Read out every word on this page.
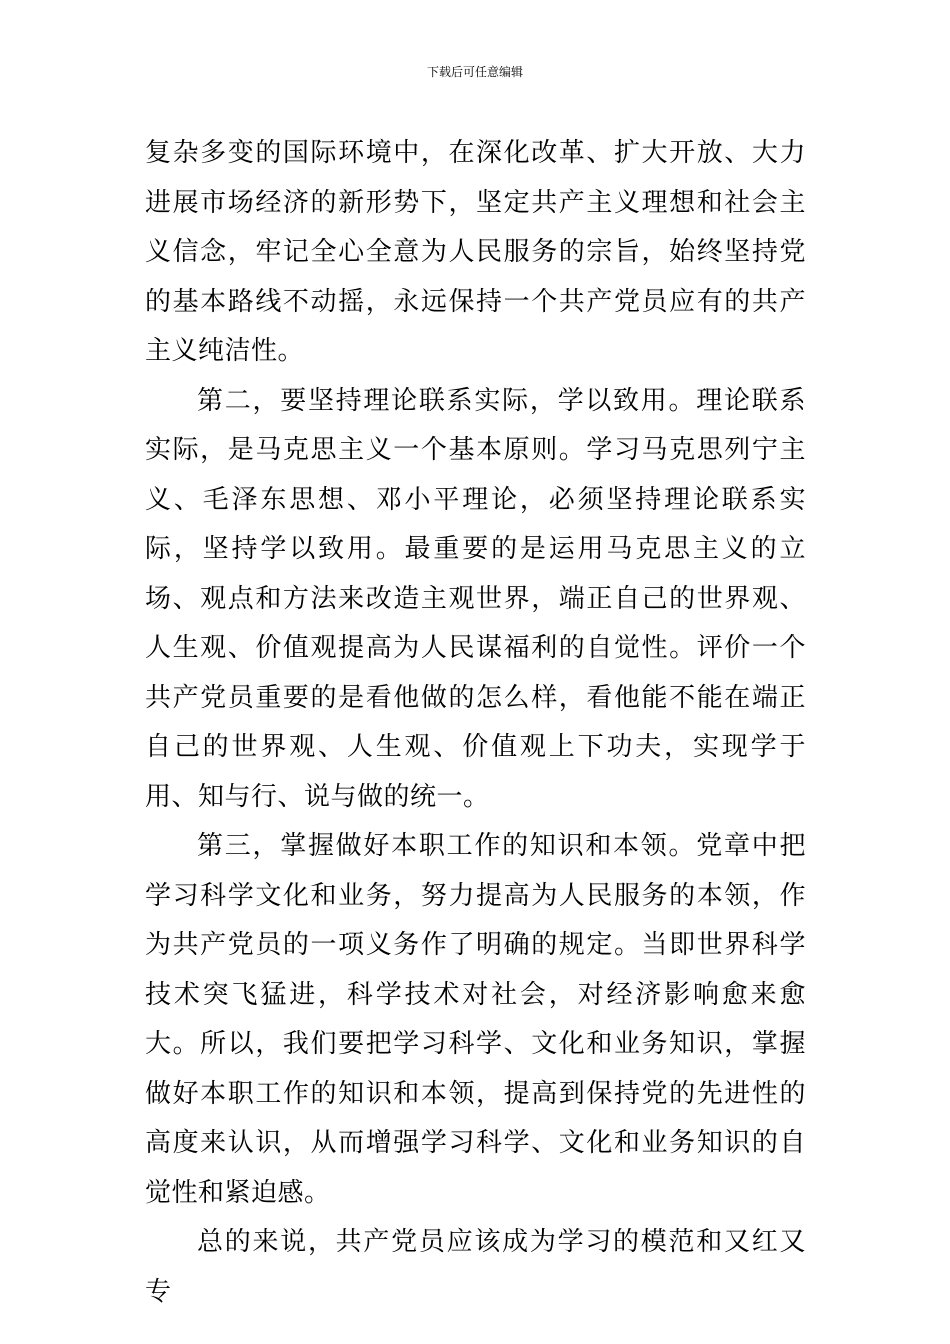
下载后可任意编辑

复杂多变的国际环境中，在深化改革、扩大开放、大力进展市场经济的新形势下，坚定共产主义理想和社会主义信念，牢记全心全意为人民服务的宗旨，始终坚持党的基本路线不动摇，永远保持一个共产党员应有的共产主义纯洁性。

第二，要坚持理论联系实际，学以致用。理论联系实际，是马克思主义一个基本原则。学习马克思列宁主义、毛泽东思想、邓小平理论，必须坚持理论联系实际，坚持学以致用。最重要的是运用马克思主义的立场、观点和方法来改造主观世界，端正自己的世界观、人生观、价值观提高为人民谋福利的自觉性。评价一个共产党员重要的是看他做的怎么样，看他能不能在端正自己的世界观、人生观、价值观上下功夫，实现学于用、知与行、说与做的统一。

第三，掌握做好本职工作的知识和本领。党章中把学习科学文化和业务，努力提高为人民服务的本领，作为共产党员的一项义务作了明确的规定。当即世界科学技术突飞猛进，科学技术对社会，对经济影响愈来愈大。所以，我们要把学习科学、文化和业务知识，掌握做好本职工作的知识和本领，提高到保持党的先进性的高度来认识，从而增强学习科学、文化和业务知识的自觉性和紧迫感。

总的来说，共产党员应该成为学习的模范和又红又专
